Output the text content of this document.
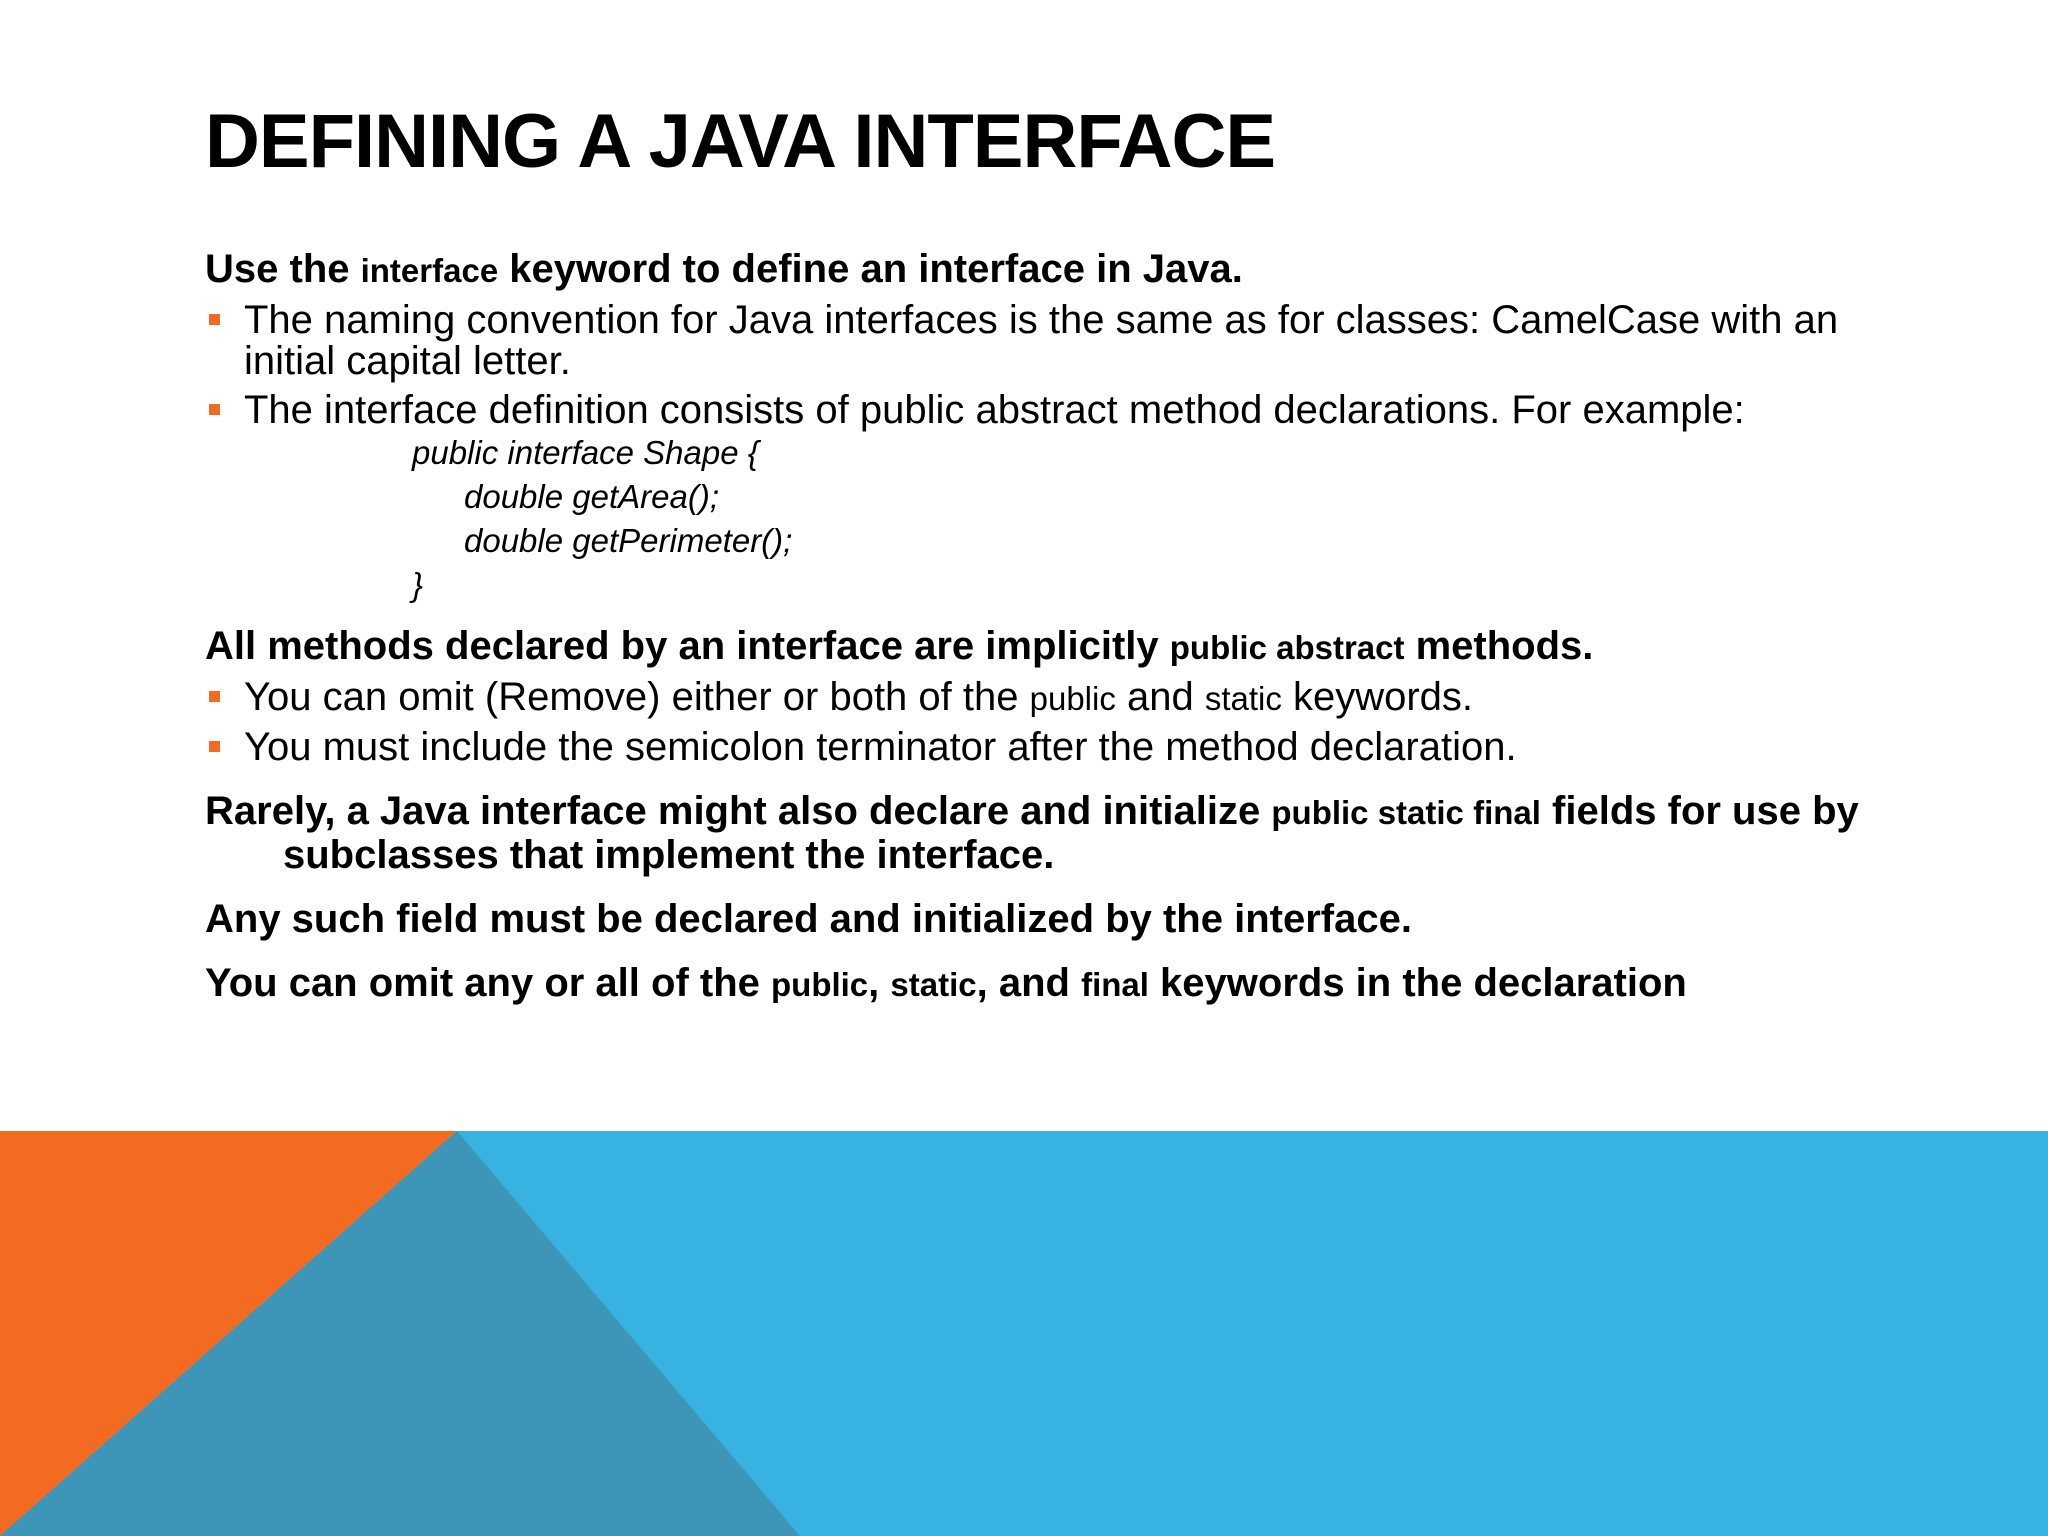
DEFINING A JAVA INTERFACE

Use the interface keyword to define an interface in Java.

The naming convention for Java interfaces is the same as for classes: CamelCase with an initial capital letter.

The interface definition consists of public abstract method declarations. For example:

public interface Shape {
double getArea();
double getPerimeter();
}

All methods declared by an interface are implicitly public abstract methods.

You can omit (Remove) either or both of the public and static keywords.

You must include the semicolon terminator after the method declaration.

Rarely, a Java interface might also declare and initialize public static final fields for use by subclasses that implement the interface.

Any such field must be declared and initialized by the interface.

You can omit any or all of the public, static, and final keywords in the declaration
